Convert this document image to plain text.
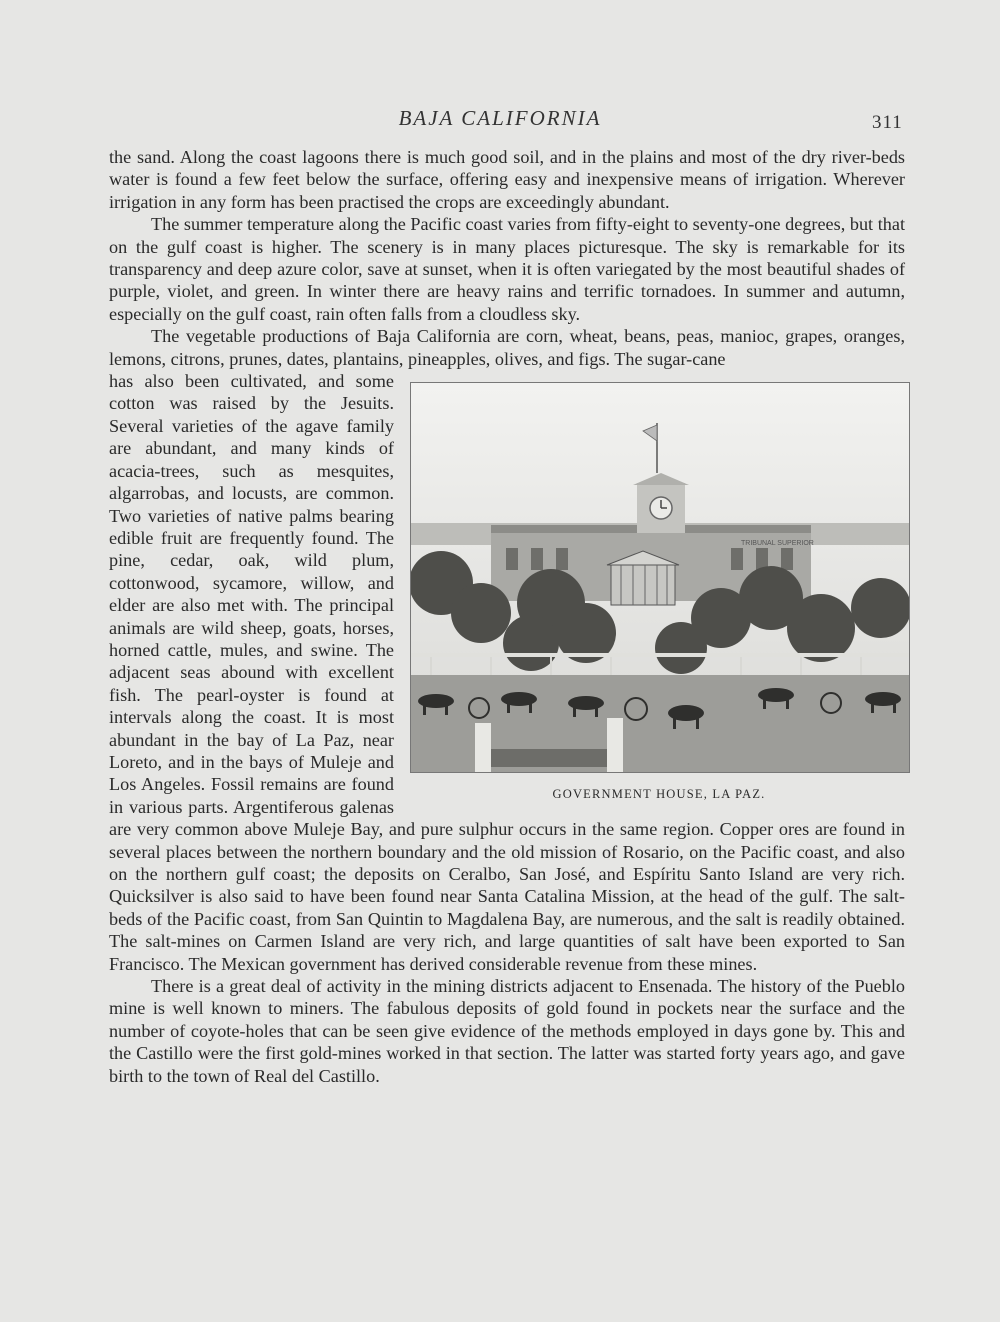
BAJA CALIFORNIA	311

the sand. Along the coast lagoons there is much good soil, and in the plains and most of the dry river-beds water is found a few feet below the surface, offering easy and inexpensive means of irrigation. Wherever irrigation in any form has been practised the crops are exceedingly abundant.

The summer temperature along the Pacific coast varies from fifty-eight to seventy-one degrees, but that on the gulf coast is higher. The scenery is in many places picturesque. The sky is remarkable for its transparency and deep azure color, save at sunset, when it is often variegated by the most beautiful shades of purple, violet, and green. In winter there are heavy rains and terrific tornadoes. In summer and autumn, especially on the gulf coast, rain often falls from a cloudless sky.

The vegetable productions of Baja California are corn, wheat, beans, peas, manioc, grapes, oranges, lemons, citrons, prunes, dates, plantains, pineapples, olives, and figs. The sugar-cane

TRIBUNAL SUPERIOR
GOVERNMENT HOUSE, LA PAZ.

has also been cultivated, and some cotton was raised by the Jesuits. Several varieties of the agave family are abundant, and many kinds of acacia-trees, such as mesquites, algarrobas, and locusts, are common. Two varieties of native palms bearing edible fruit are frequently found. The pine, cedar, oak, wild plum, cottonwood, sycamore, willow, and elder are also met with. The principal animals are wild sheep, goats, horses, horned cattle, mules, and swine. The adjacent seas abound with excellent fish. The pearl-oyster is found at intervals along the coast. It is most abundant in the bay of La Paz, near Loreto, and in the bays of Muleje and Los Angeles. Fossil remains are found in various parts. Argentiferous galenas are very common above Muleje Bay, and pure sulphur occurs in the same region. Copper ores are found in several places between the northern boundary and the old mission of Rosario, on the Pacific coast, and also on the northern gulf coast; the deposits on Ceralbo, San José, and Espíritu Santo Island are very rich. Quicksilver is also said to have been found near Santa Catalina Mission, at the head of the gulf. The salt-beds of the Pacific coast, from San Quintin to Magdalena Bay, are numerous, and the salt is readily obtained. The salt-mines on Carmen Island are very rich, and large quantities of salt have been exported to San Francisco. The Mexican government has derived considerable revenue from these mines.

There is a great deal of activity in the mining districts adjacent to Ensenada. The history of the Pueblo mine is well known to miners. The fabulous deposits of gold found in pockets near the surface and the number of coyote-holes that can be seen give evidence of the methods employed in days gone by. This and the Castillo were the first gold-mines worked in that section. The latter was started forty years ago, and gave birth to the town of Real del Castillo.
